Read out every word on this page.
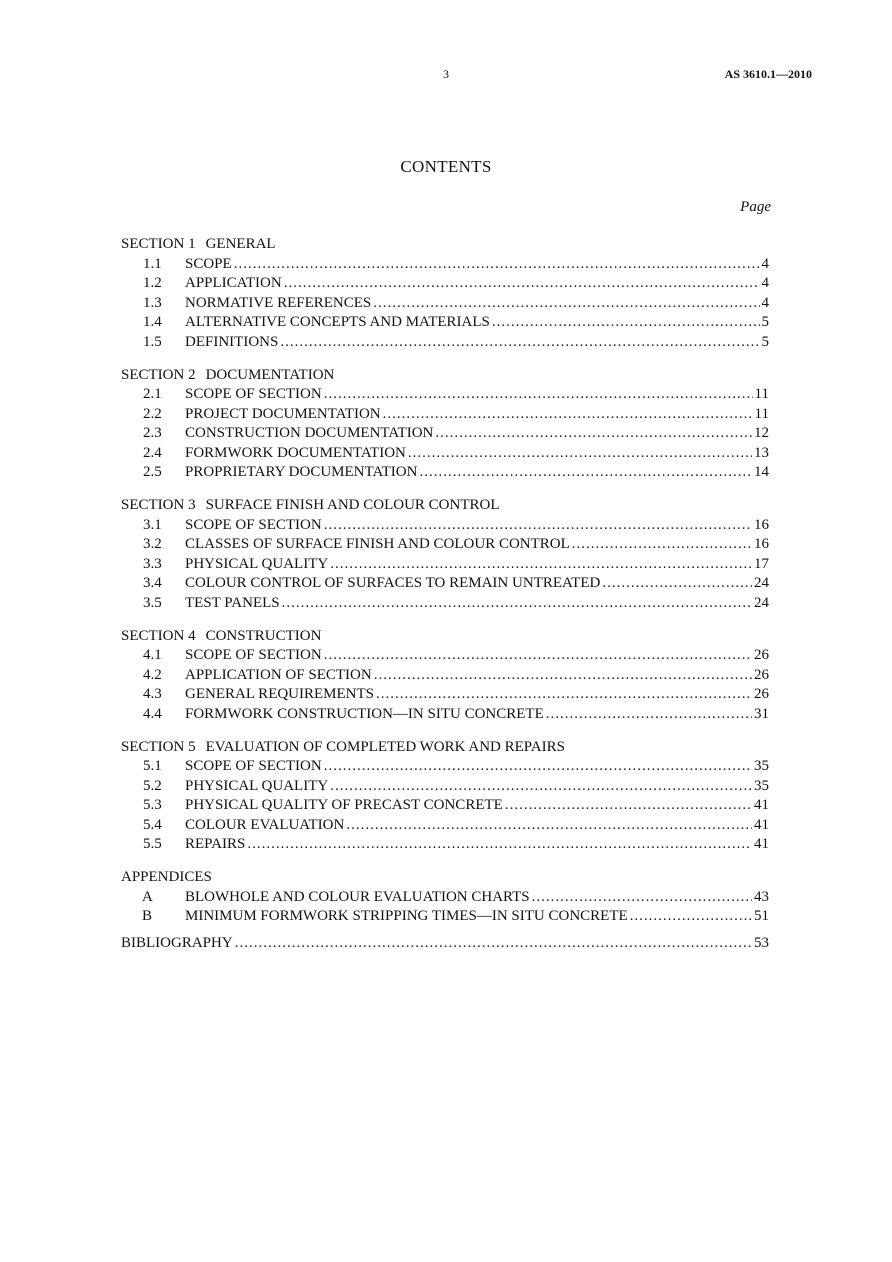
3	AS 3610.1—2010
CONTENTS
Page
SECTION 1 GENERAL
1.1	SCOPE .....	4
1.2	APPLICATION .....	4
1.3	NORMATIVE REFERENCES .....	4
1.4	ALTERNATIVE CONCEPTS AND MATERIALS .....	5
1.5	DEFINITIONS .....	5
SECTION 2 DOCUMENTATION
2.1	SCOPE OF SECTION .....	11
2.2	PROJECT DOCUMENTATION .....	11
2.3	CONSTRUCTION DOCUMENTATION .....	12
2.4	FORMWORK DOCUMENTATION .....	13
2.5	PROPRIETARY DOCUMENTATION .....	14
SECTION 3 SURFACE FINISH AND COLOUR CONTROL
3.1	SCOPE OF SECTION .....	16
3.2	CLASSES OF SURFACE FINISH AND COLOUR CONTROL .....	16
3.3	PHYSICAL QUALITY .....	17
3.4	COLOUR CONTROL OF SURFACES TO REMAIN UNTREATED .....	24
3.5	TEST PANELS .....	24
SECTION 4 CONSTRUCTION
4.1	SCOPE OF SECTION .....	26
4.2	APPLICATION OF SECTION .....	26
4.3	GENERAL REQUIREMENTS .....	26
4.4	FORMWORK CONSTRUCTION—IN SITU CONCRETE .....	31
SECTION 5 EVALUATION OF COMPLETED WORK AND REPAIRS
5.1	SCOPE OF SECTION .....	35
5.2	PHYSICAL QUALITY .....	35
5.3	PHYSICAL QUALITY OF PRECAST CONCRETE .....	41
5.4	COLOUR EVALUATION .....	41
5.5	REPAIRS .....	41
APPENDICES
A	BLOWHOLE AND COLOUR EVALUATION CHARTS .....	43
B	MINIMUM FORMWORK STRIPPING TIMES—IN SITU CONCRETE .....	51
BIBLIOGRAPHY .....	53
